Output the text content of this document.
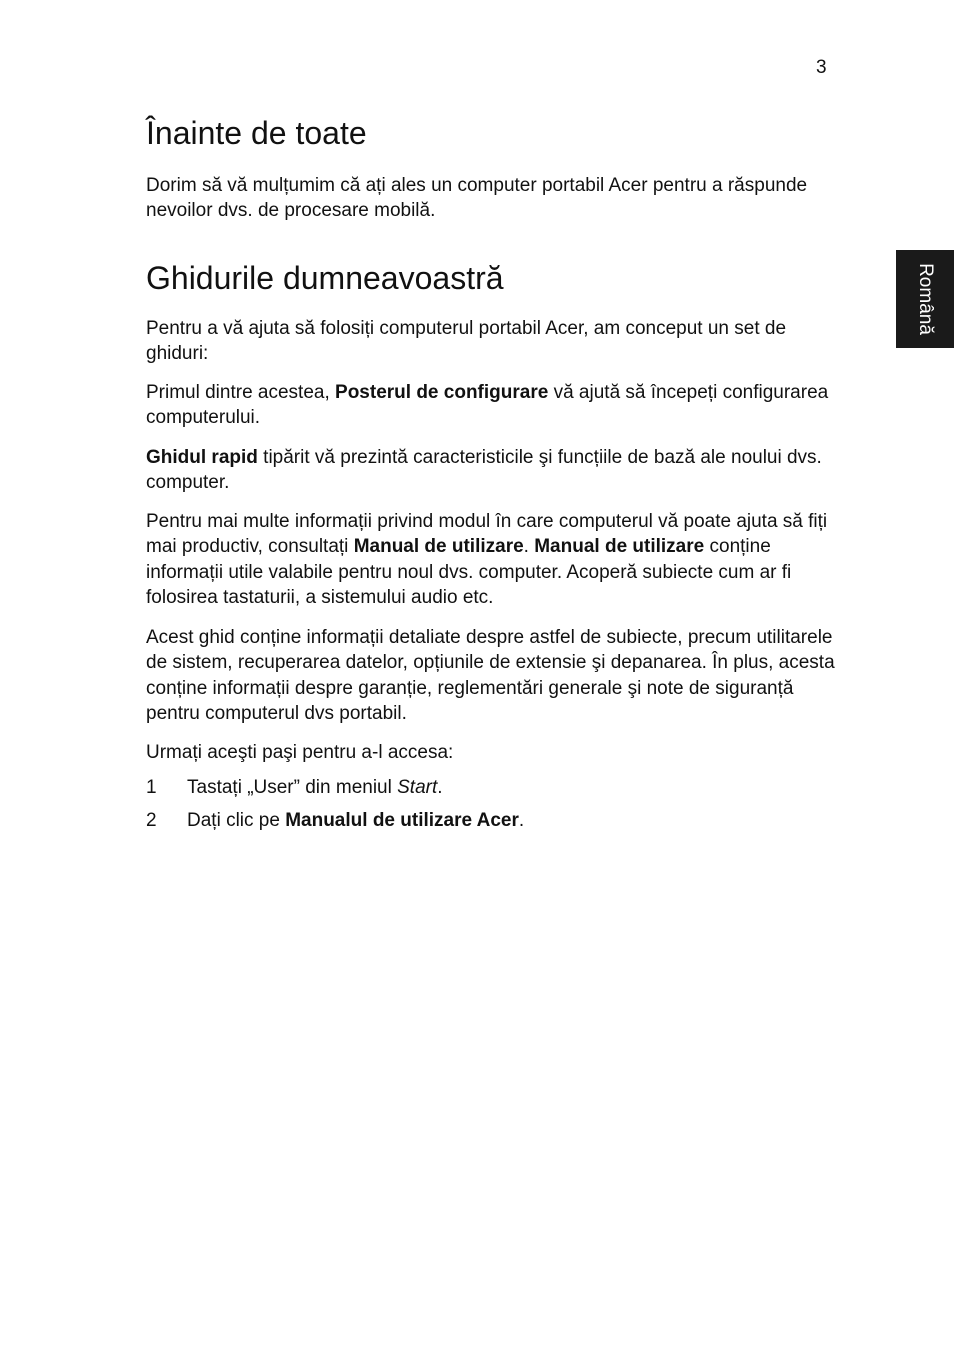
3
Română
Înainte de toate

Dorim să vă mulțumim că ați ales un computer portabil Acer pentru a răspunde nevoilor dvs. de procesare mobilă.

Ghidurile dumneavoastră

Pentru a vă ajuta să folosiți computerul portabil Acer, am conceput un set de ghiduri:

Primul dintre acestea, Posterul de configurare vă ajută să începeți configurarea computerului.

Ghidul rapid tipărit vă prezintă caracteristicile şi funcțiile de bază ale noului dvs. computer.

Pentru mai multe informații privind modul în care computerul vă poate ajuta să fiți mai productiv, consultați Manual de utilizare. Manual de utilizare conține informații utile valabile pentru noul dvs. computer. Acoperă subiecte cum ar fi folosirea tastaturii, a sistemului audio etc.

Acest ghid conține informații detaliate despre astfel de subiecte, precum utilitarele de sistem, recuperarea datelor, opțiunile de extensie şi depanarea. În plus, acesta conține informații despre garanție, reglementări generale şi note de siguranță pentru computerul dvs portabil.

Urmați aceşti paşi pentru a-l accesa:

1 Tastați „User” din meniul Start.
2 Dați clic pe Manualul de utilizare Acer.
